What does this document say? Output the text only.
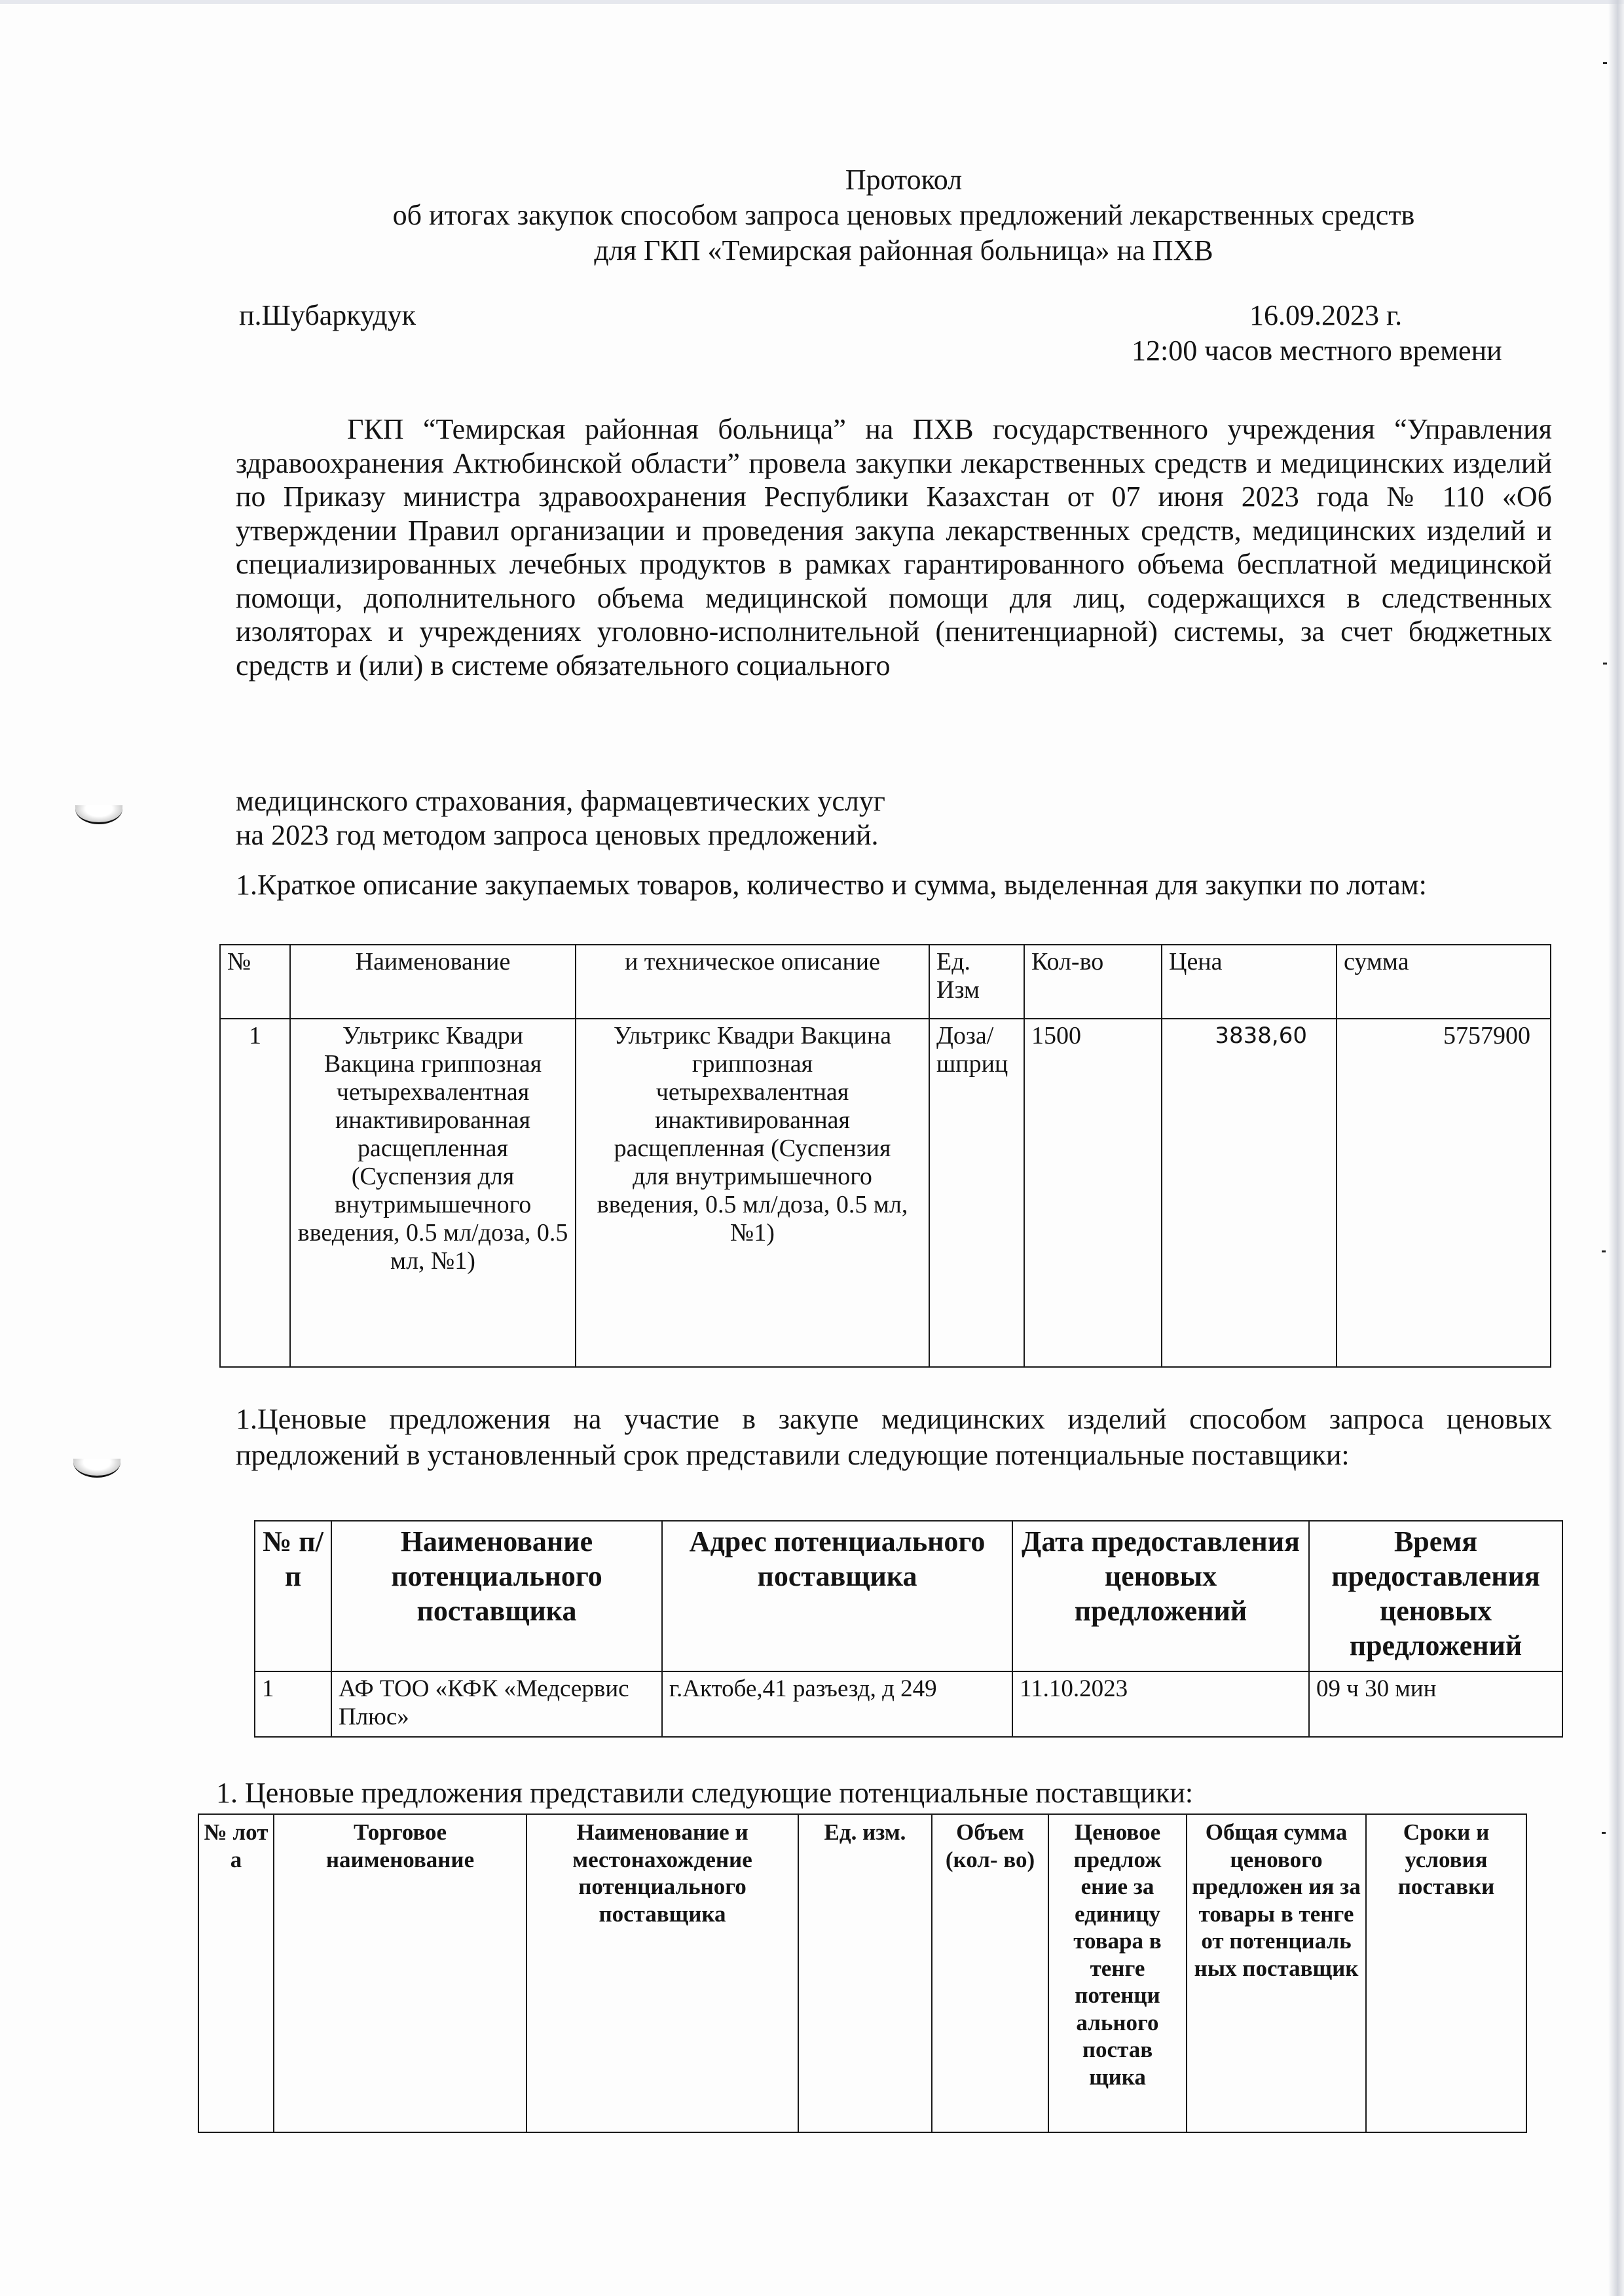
Протокол
об итогах закупок способом запроса ценовых предложений лекарственных средств
для ГКП «Темирская районная больница» на ПХВ
п.Шубаркудук	16.09.2023 г.
12:00 часов местного времени
ГКП “Темирская районная больница” на ПХВ государственного учреждения “Управления здравоохранения Актюбинской области” провела закупки лекарственных средств и медицинских изделий по Приказу министра здравоохранения Республики Казахстан от 07 июня 2023 года № 110 «Об утверждении Правил организации и проведения закупа лекарственных средств, медицинских изделий и специализированных лечебных продуктов в рамках гарантированного объема бесплатной медицинской помощи, дополнительного объема медицинской помощи для лиц, содержащихся в следственных изоляторах и учреждениях уголовно-исполнительной (пенитенциарной) системы, за счет бюджетных средств и (или) в системе обязательного социального
медицинского страхования, фармацевтических услуг
на 2023 год методом запроса ценовых предложений.
1.Краткое описание закупаемых товаров, количество и сумма, выделенная для закупки по лотам:
№	Наименование	и техническое описание	Ед. Изм	Кол-во	Цена	сумма
1	Ультрикс Квадри Вакцина гриппозная четырехвалентная инактивированная расщепленная (Суспензия для внутримышечного введения, 0.5 мл/доза, 0.5 мл, №1)	Ультрикс Квадри Вакцина гриппозная четырехвалентная инактивированная расщепленная (Суспензия для внутримышечного введения, 0.5 мл/доза, 0.5 мл, №1)	Доза/ шприц	1500	3838,60	5757900
1.Ценовые предложения на участие в закупе медицинских изделий способом запроса ценовых предложений в установленный срок представили следующие потенциальные поставщики:
№ п/п	Наименование потенциального поставщика	Адрес потенциального поставщика	Дата предоставления ценовых предложений	Время предоставления ценовых предложений
1	АФ ТОО «КФК «Медсервис Плюс»	г.Актобе,41 разъезд, д 249	11.10.2023	09 ч 30 мин
1. Ценовые предложения представили следующие потенциальные поставщики:
№ лот а	Торговое наименование	Наименование и местонахождение потенциального поставщика	Ед. изм.	Объем (кол- во)	Ценовое предлож ение за единицу товара в тенге потенци ального постав щика	Общая сумма ценового предложен ия за товары в тенге от потенциаль ных поставщик	Сроки и условия поставки
